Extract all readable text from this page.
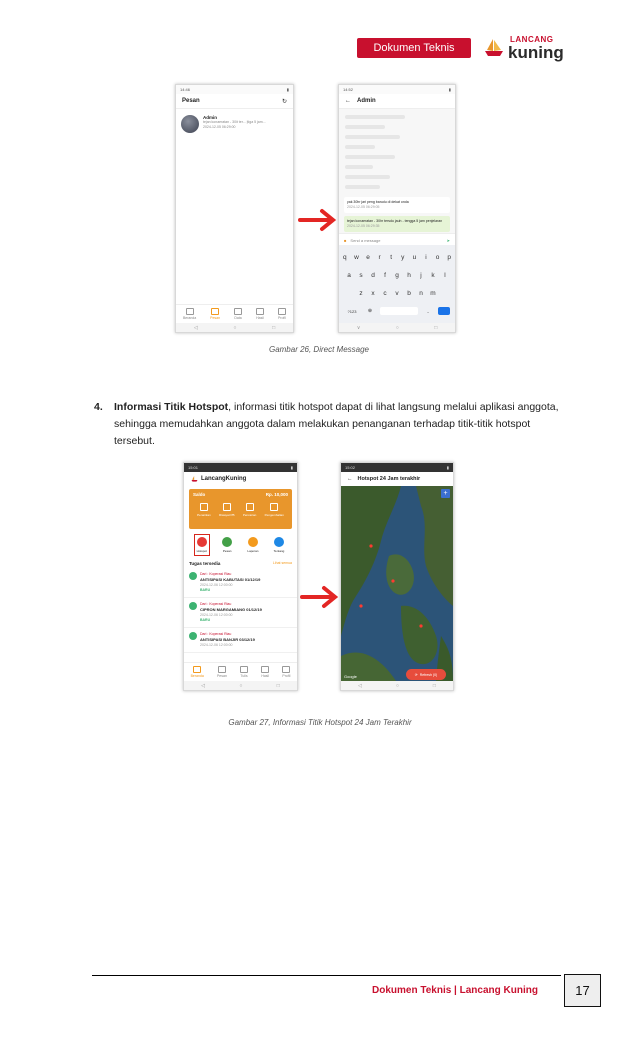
Dokumen Teknis
LANCANG
kuning
14:46	▮
Pesan	↻
Admin
tejan konaeratan - 30it ter... |tiga 5 jam...
2024-12-05 06:29:00
Beranda	Pesan	Data	Hasil	Profil
◁	○	□
14:52	▮
← Admin
yak 30hr jari peng barudu di dekat onda
2024-12-05 06:29:05
tejan konaeratan - 30hr tersdu jauh - tengga 5 jam penjelaran
2024-12-05 06:29:35
■ Send a message	➤
q	w	e	r	t	y	u	i	o	p
a	s	d	f	g	h	j	k	l
z	x	c	v	b	n	m
?123	⊕	.
∨	○	□
Gambar 26, Direct Message
4. Informasi Titik Hotspot, informasi titik hotspot dapat di lihat langsung melalui aplikasi anggota, sehingga memudahkan anggota dalam melakukan penanganan terhadap titik-titik hotspot tersebut.
15:01	▮
LancangKuning
Saldo	Rp. 10,000
Penarikan	Riwayat PB	Pencairan	Pengembalian
Hotspot	Pesan	Laporan	Tentang
Tugas tersedia	Lihat semua
Dari : Koperasi Riau
ANTISIPASI KABUTASI 01/12/19
2024-12-06 12:00:00
BARU
Dari : Koperasi Riau
CIPRON MARGAMIANG 01/12/19
2024-12-06 12:00:00
BARU
Dari : Koperasi Riau
ANTISIPASI BANJIR 03/12/19
2024-12-06 12:00:00
Beranda	Pesan	Tulis	Hasil	Profil
◁	○	□
15:02	▮
← Hotspot 24 Jam terakhir
+
Google	⟳ Refresh (0)
◁	○	□
Gambar 27, Informasi Titik Hotspot 24 Jam Terakhir
Dokumen Teknis | Lancang Kuning	17
